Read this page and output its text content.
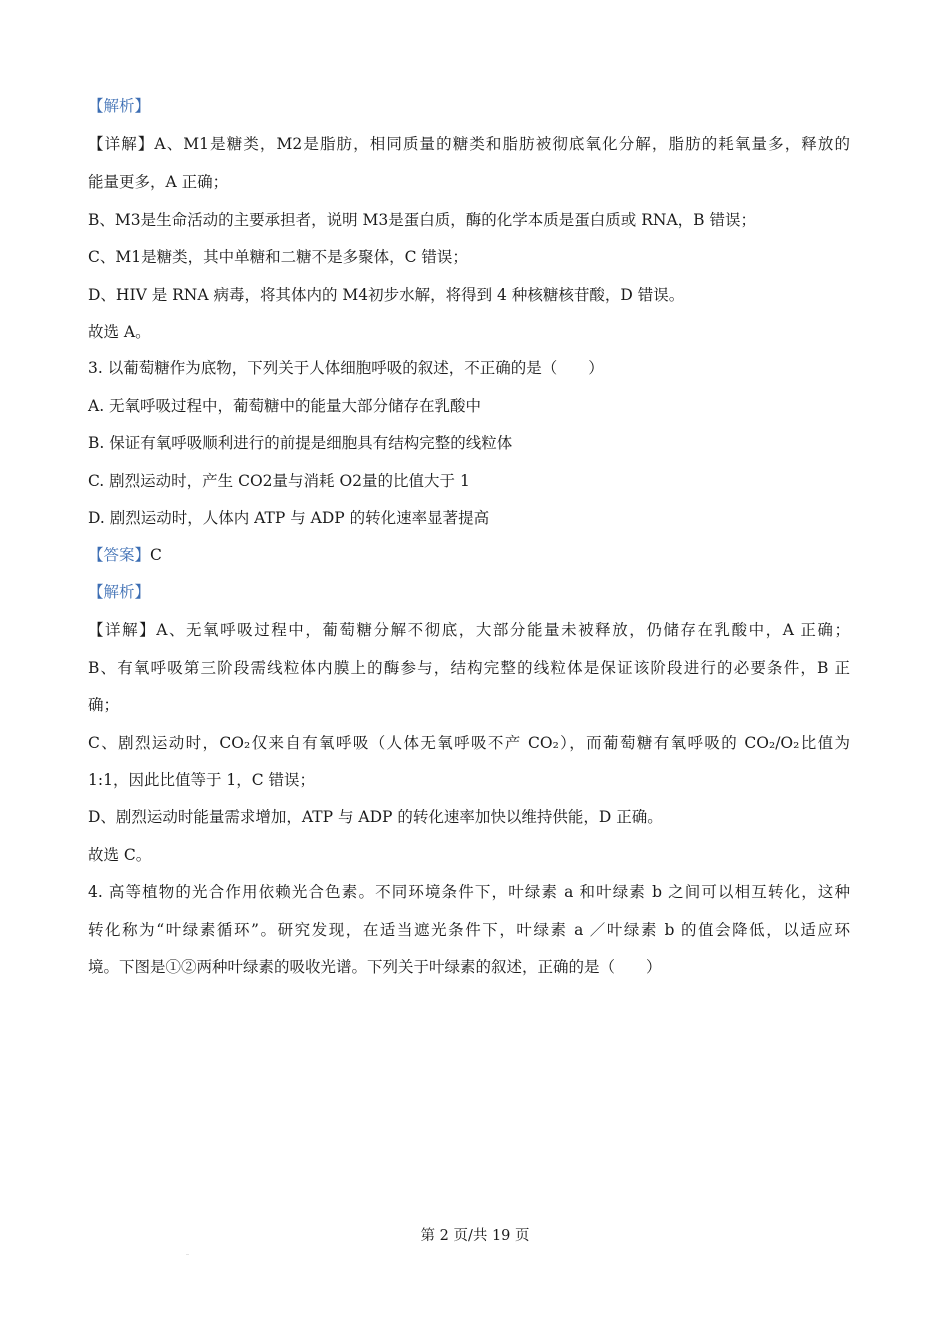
【解析】
【详解】A、M1是糖类，M2是脂肪，相同质量的糖类和脂肪被彻底氧化分解，脂肪的耗氧量多，释放的
能量更多，A 正确；
B、M3是生命活动的主要承担者，说明 M3是蛋白质，酶的化学本质是蛋白质或 RNA，B 错误；
C、M1是糖类，其中单糖和二糖不是多聚体，C 错误；
D、HIV 是 RNA 病毒，将其体内的 M4初步水解，将得到 4 种核糖核苷酸，D 错误。
故选 A。
3. 以葡萄糖作为底物，下列关于人体细胞呼吸的叙述，不正确的是（　　）
A. 无氧呼吸过程中，葡萄糖中的能量大部分储存在乳酸中
B. 保证有氧呼吸顺利进行的前提是细胞具有结构完整的线粒体
C. 剧烈运动时，产生 CO2量与消耗 O2量的比值大于 1
D. 剧烈运动时，人体内 ATP 与 ADP 的转化速率显著提高
【答案】C
【解析】
【详解】A、无氧呼吸过程中，葡萄糖分解不彻底，大部分能量未被释放，仍储存在乳酸中，A 正确；
B、有氧呼吸第三阶段需线粒体内膜上的酶参与，结构完整的线粒体是保证该阶段进行的必要条件，B 正
确；
C、剧烈运动时，CO₂仅来自有氧呼吸（人体无氧呼吸不产 CO₂），而葡萄糖有氧呼吸的 CO₂/O₂比值为
1:1，因此比值等于 1，C 错误；
D、剧烈运动时能量需求增加，ATP 与 ADP 的转化速率加快以维持供能，D 正确。
故选 C。
4. 高等植物的光合作用依赖光合色素。不同环境条件下，叶绿素 a 和叶绿素 b 之间可以相互转化，这种
转化称为“叶绿素循环”。研究发现，在适当遮光条件下，叶绿素 a ／叶绿素 b 的值会降低，以适应环
境。下图是①②两种叶绿素的吸收光谱。下列关于叶绿素的叙述，正确的是（　　）
第 2 页/共 19 页
